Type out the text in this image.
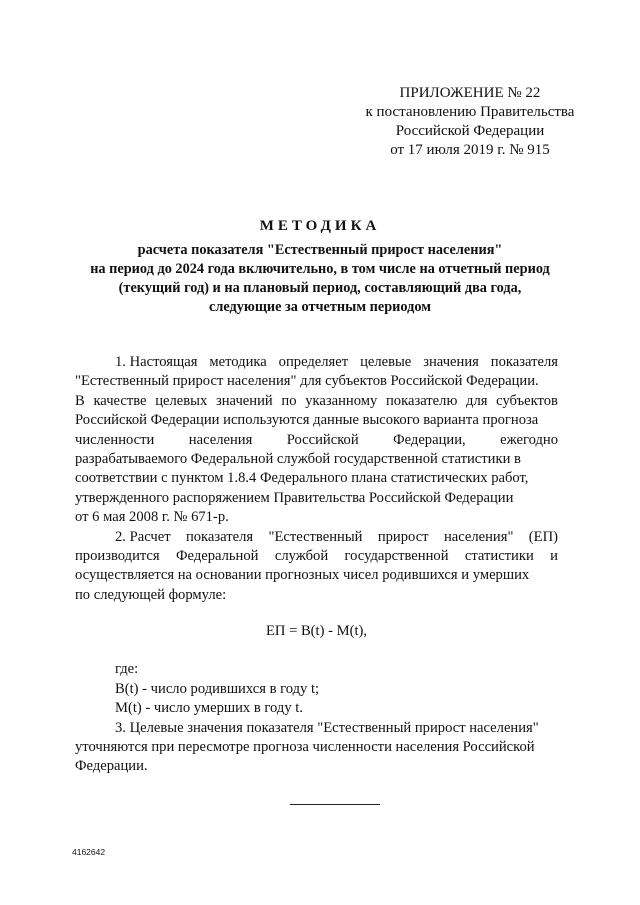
ПРИЛОЖЕНИЕ № 22
к постановлению Правительства
Российской Федерации
от 17 июля 2019 г. № 915
МЕТОДИКА
расчета показателя "Естественный прирост населения"
на период до 2024 года включительно, в том числе на отчетный период
(текущий год) и на плановый период, составляющий два года,
следующие за отчетным периодом
1. Настоящая методика определяет целевые значения показателя
"Естественный прирост населения" для субъектов Российской Федерации.
В качестве целевых значений по указанному показателю для субъектов
Российской Федерации используются данные высокого варианта прогноза
численности населения Российской Федерации, ежегодно
разрабатываемого Федеральной службой государственной статистики в
соответствии с пунктом 1.8.4 Федерального плана статистических работ,
утвержденного распоряжением Правительства Российской Федерации
от 6 мая 2008 г. № 671-р.
2. Расчет показателя "Естественный прирост населения" (ЕП)
производится Федеральной службой государственной статистики и
осуществляется на основании прогнозных чисел родившихся и умерших
по следующей формуле:
ЕП = B(t) - M(t),
где:
B(t) - число родившихся в году t;
M(t) - число умерших в году t.
3. Целевые значения показателя "Естественный прирост населения"
уточняются при пересмотре прогноза численности населения Российской
Федерации.
4162642
